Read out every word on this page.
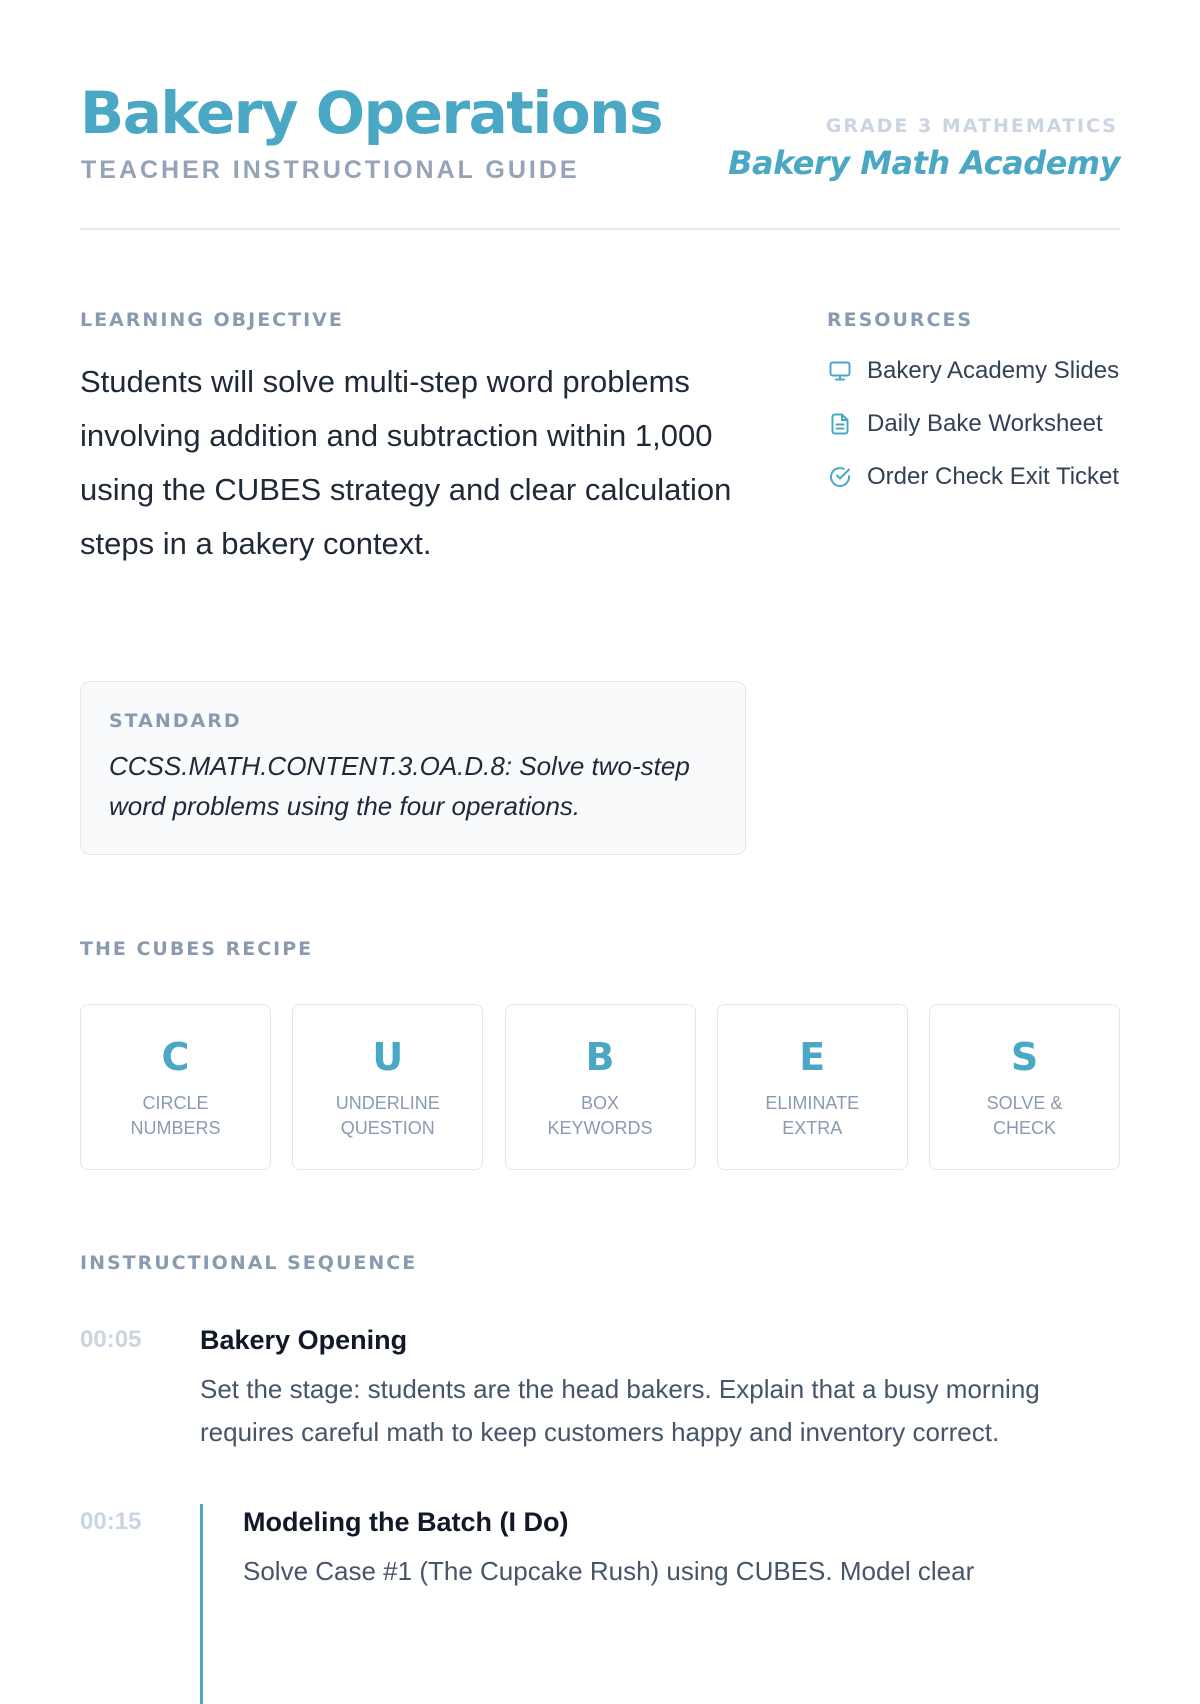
Bakery Operations
TEACHER INSTRUCTIONAL GUIDE
GRADE 3 MATHEMATICS
Bakery Math Academy
LEARNING OBJECTIVE

Students will solve multi-step word problems involving addition and subtraction within 1,000 using the CUBES strategy and clear calculation steps in a bakery context.

RESOURCES
Bakery Academy Slides
Daily Bake Worksheet
Order Check Exit Ticket
STANDARD

CCSS.MATH.CONTENT.3.OA.D.8: Solve two-step word problems using the four operations.

THE CUBES RECIPE
C
CIRCLE NUMBERS
U
UNDERLINE QUESTION
B
BOX KEYWORDS
E
ELIMINATE EXTRA
S
SOLVE & CHECK
INSTRUCTIONAL SEQUENCE
00:05 Bakery Opening

Set the stage: students are the head bakers. Explain that a busy morning requires careful math to keep customers happy and inventory correct.

00:15	Modeling the Batch (I Do)

Solve Case #1 (The Cupcake Rush) using CUBES. Model clear
